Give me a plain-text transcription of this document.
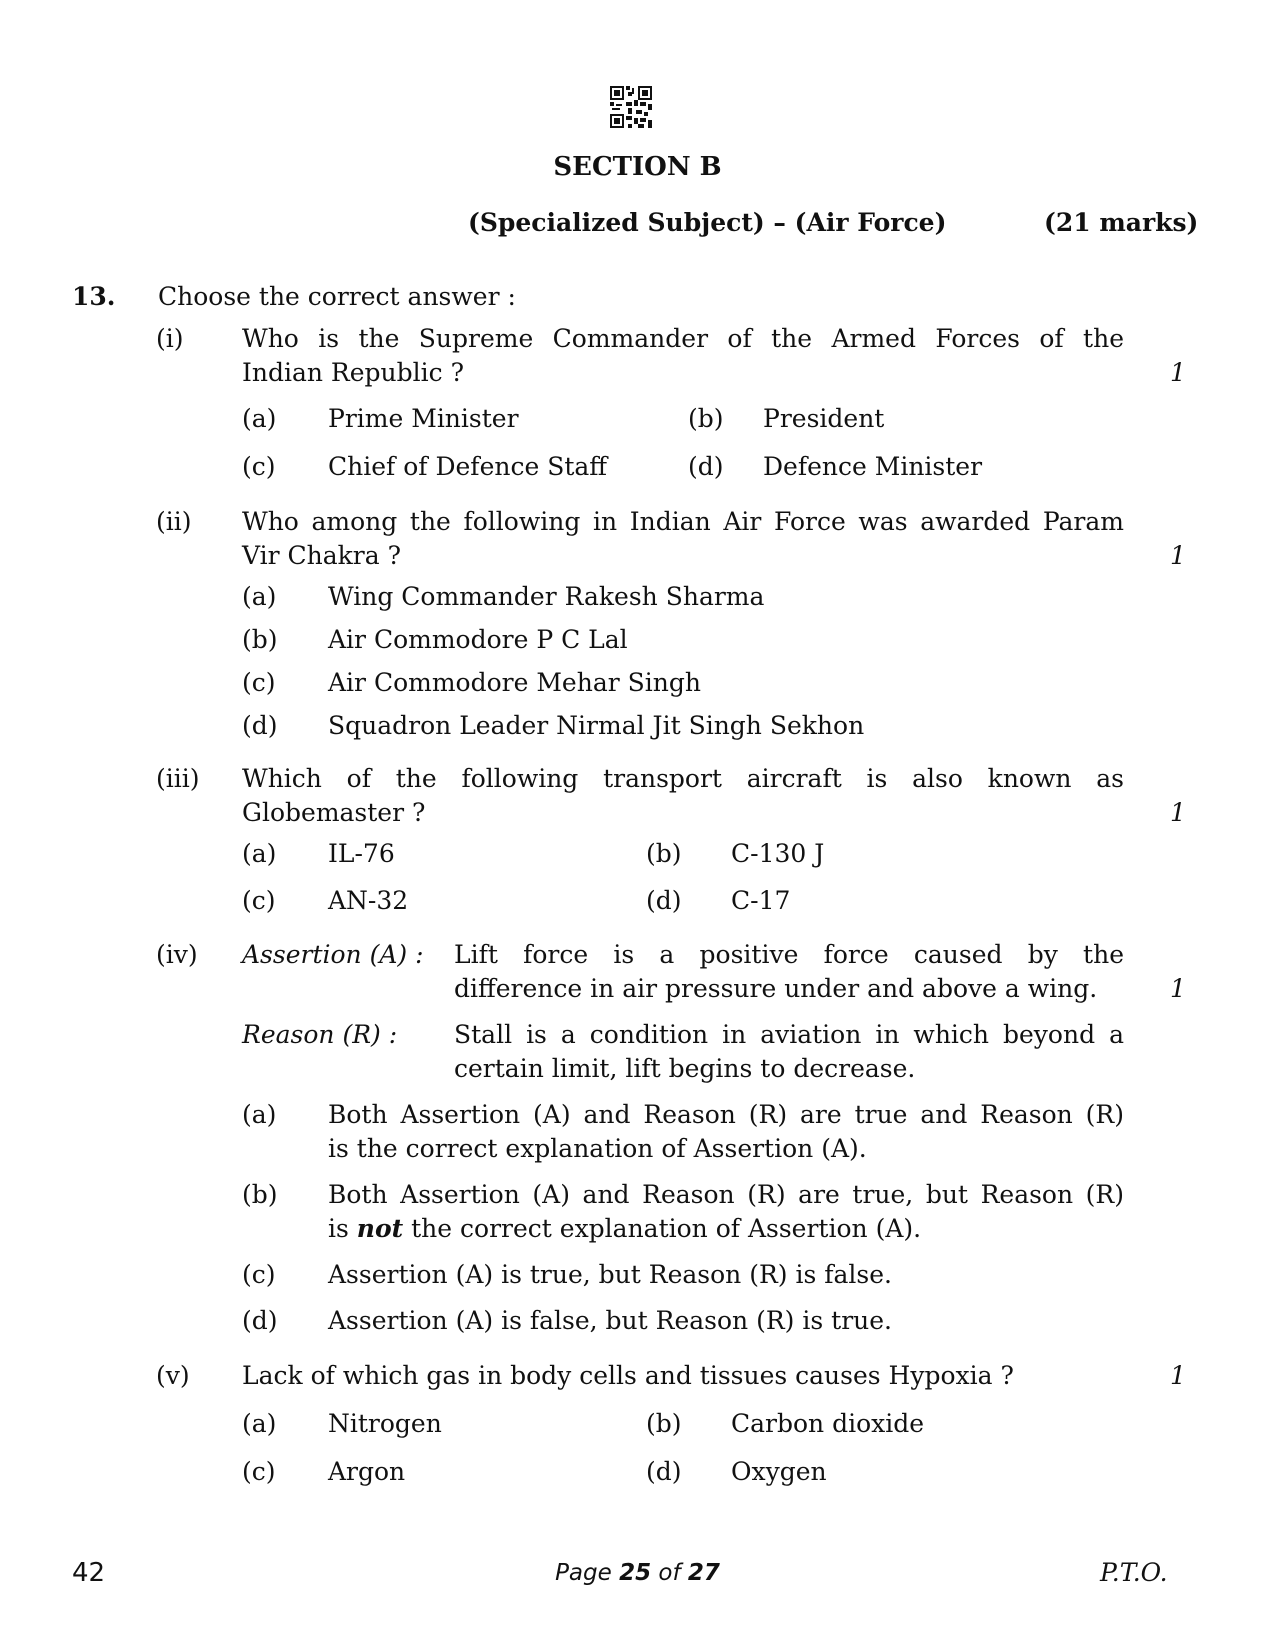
SECTION B
(Specialized Subject) – (Air Force)	(21 marks)
13. Choose the correct answer :
(i) Who is the Supreme Commander of the Armed Forces of the
Indian Republic ?	1
(a) Prime Minister	(b) President
(c) Chief of Defence Staff	(d) Defence Minister
(ii) Who among the following in Indian Air Force was awarded Param
Vir Chakra ?	1
(a) Wing Commander Rakesh Sharma
(b) Air Commodore P C Lal
(c) Air Commodore Mehar Singh
(d) Squadron Leader Nirmal Jit Singh Sekhon
(iii) Which of the following transport aircraft is also known as
Globemaster ?	1
(a) IL-76	(b) C-130 J
(c) AN-32	(d) C-17
(iv) Assertion (A) : Lift force is a positive force caused by the
difference in air pressure under and above a wing.	1
Reason (R) : Stall is a condition in aviation in which beyond a
certain limit, lift begins to decrease.
(a) Both Assertion (A) and Reason (R) are true and Reason (R)
is the correct explanation of Assertion (A).
(b) Both Assertion (A) and Reason (R) are true, but Reason (R)
is not the correct explanation of Assertion (A).
(c) Assertion (A) is true, but Reason (R) is false.
(d) Assertion (A) is false, but Reason (R) is true.
(v) Lack of which gas in body cells and tissues causes Hypoxia ?	1
(a) Nitrogen	(b) Carbon dioxide
(c) Argon	(d) Oxygen
42	Page 25 of 27	P.T.O.
